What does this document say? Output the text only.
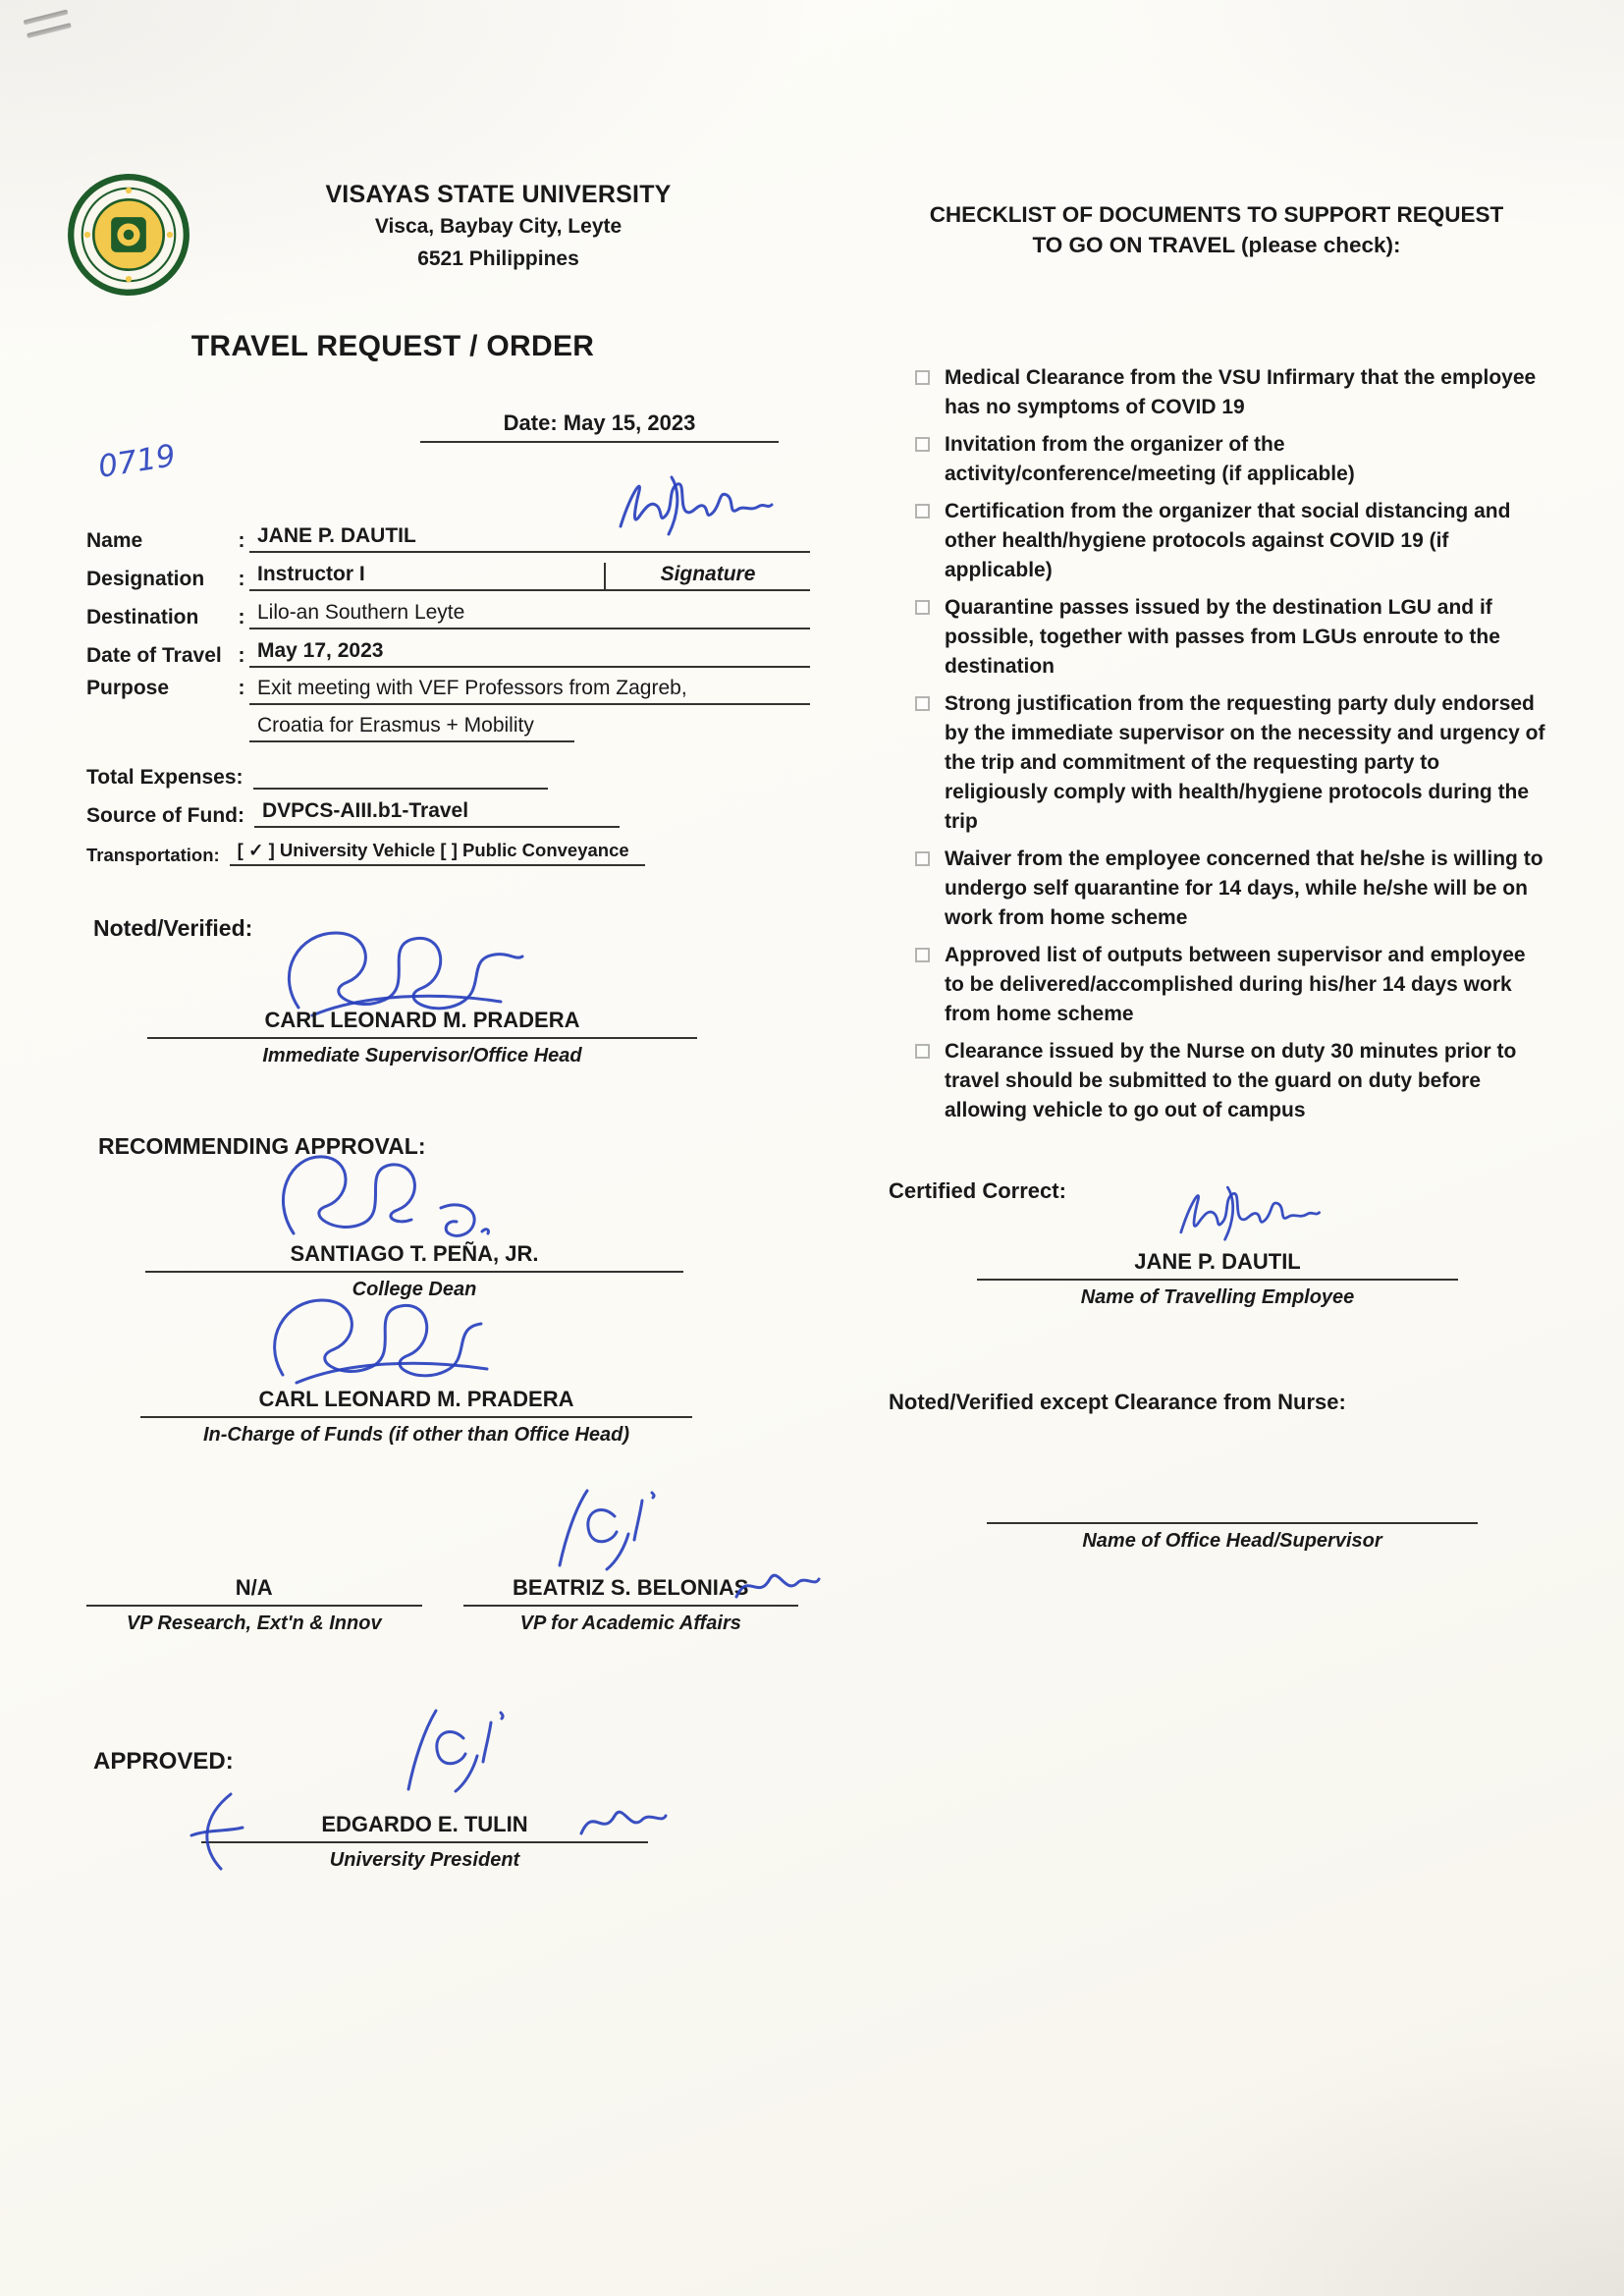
VISAYAS STATE UNIVERSITY
Visca, Baybay City, Leyte
6521 Philippines
TRAVEL REQUEST / ORDER
Date: May 15, 2023
0719
Name	: JANE P. DAUTIL
Designation	: Instructor I	Signature
Destination	: Lilo-an Southern Leyte
Date of Travel : May 17, 2023
Purpose	: Exit meeting with VEF Professors from Zagreb,
Croatia for Erasmus + Mobility
Total Expenses:
Source of Fund: DVPCS-AIII.b1-Travel
Transportation: [ ✓ ] University Vehicle [ ] Public Conveyance
Noted/Verified:
CARL LEONARD M. PRADERA
Immediate Supervisor/Office Head
RECOMMENDING APPROVAL:
SANTIAGO T. PEÑA, JR.
College Dean
CARL LEONARD M. PRADERA
In-Charge of Funds (if other than Office Head)
N/A
VP Research, Ext'n & Innov
BEATRIZ S. BELONIAS
VP for Academic Affairs
APPROVED:
EDGARDO E. TULIN
University President
CHECKLIST OF DOCUMENTS TO SUPPORT REQUEST
TO GO ON TRAVEL (please check):
Medical Clearance from the VSU Infirmary that the employee has no symptoms of COVID 19
Invitation from the organizer of the activity/conference/meeting (if applicable)
Certification from the organizer that social distancing and other health/hygiene protocols against COVID 19 (if applicable)
Quarantine passes issued by the destination LGU and if possible, together with passes from LGUs enroute to the destination
Strong justification from the requesting party duly endorsed by the immediate supervisor on the necessity and urgency of the trip and commitment of the requesting party to religiously comply with health/hygiene protocols during the trip
Waiver from the employee concerned that he/she is willing to undergo self quarantine for 14 days, while he/she will be on work from home scheme
Approved list of outputs between supervisor and employee to be delivered/accomplished during his/her 14 days work from home scheme
Clearance issued by the Nurse on duty 30 minutes prior to travel should be submitted to the guard on duty before allowing vehicle to go out of campus
Certified Correct:
JANE P. DAUTIL
Name of Travelling Employee
Noted/Verified except Clearance from Nurse:
Name of Office Head/Supervisor
